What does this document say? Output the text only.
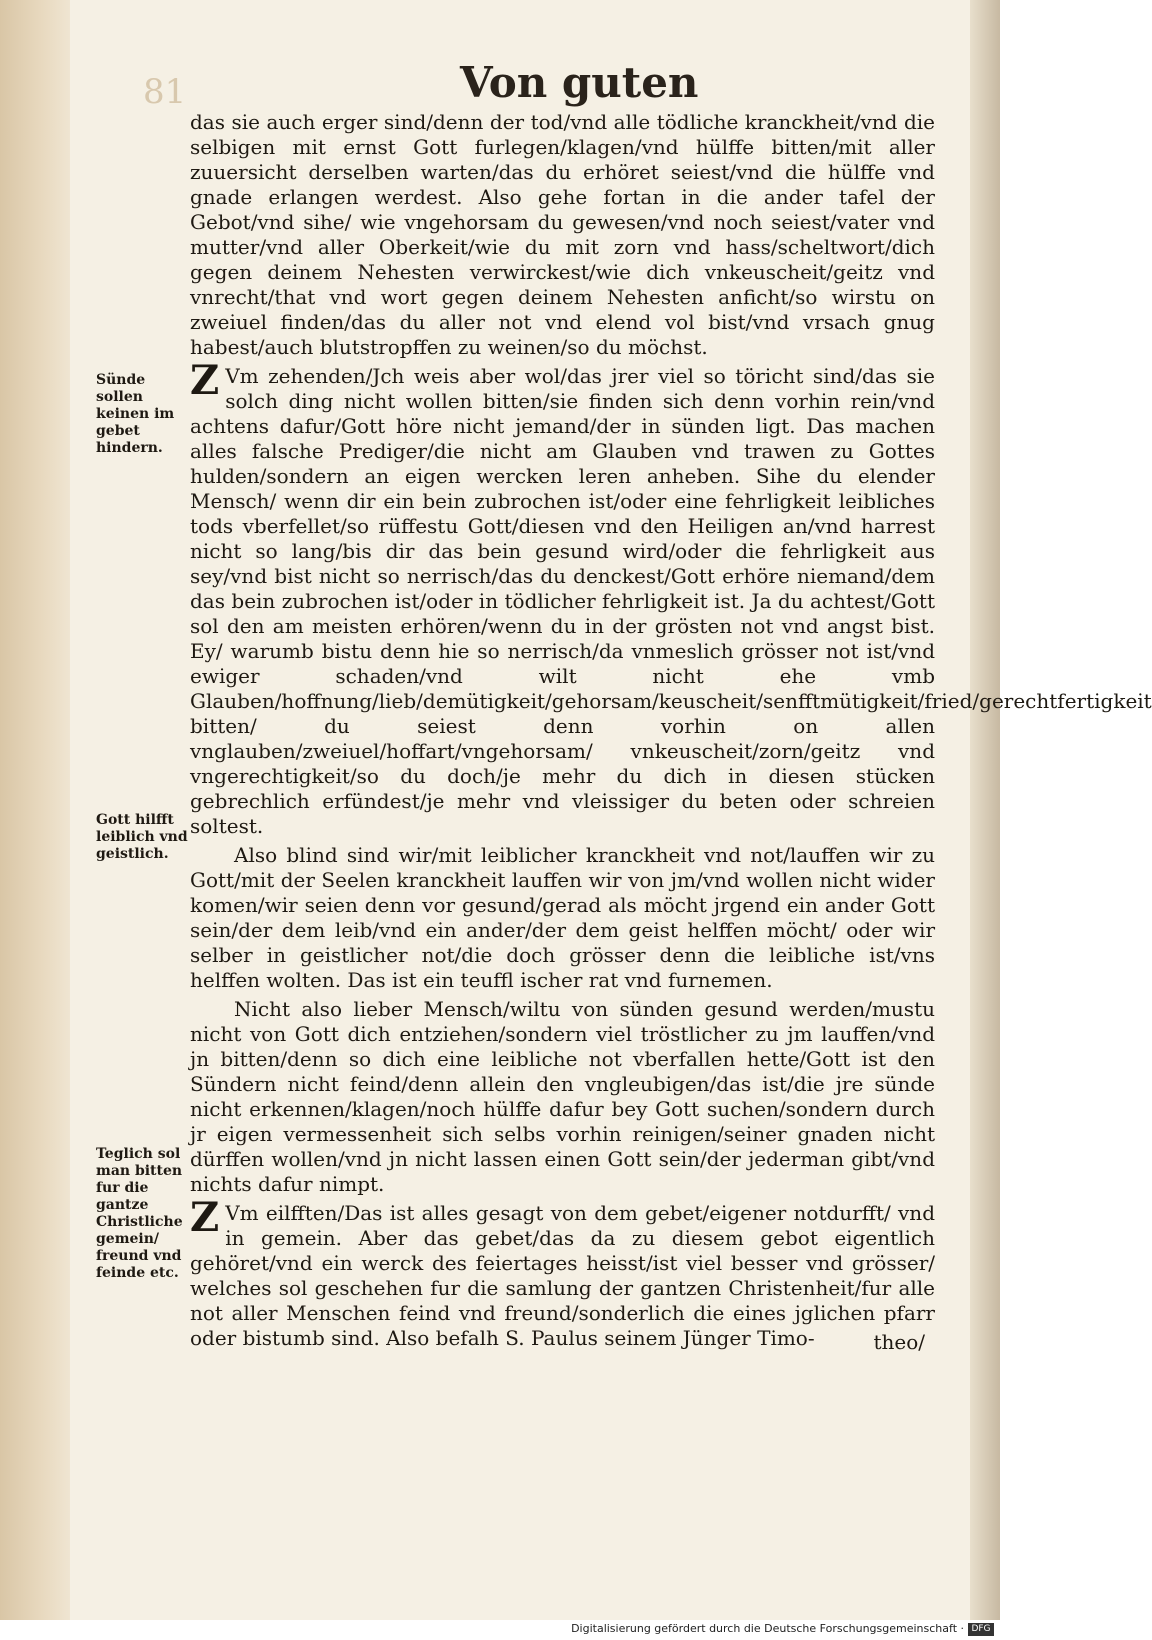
81	Von guten

das sie auch erger sind/denn der tod/vnd alle tödliche kranckheit/vnd die selbigen mit ernst Gott furlegen/klagen/vnd hülffe bitten/mit aller zuuersicht derselben warten/das du erhöret seiest/vnd die hülffe vnd gnade erlangen werdest. Also gehe fortan in die ander tafel der Gebot/vnd sihe/ wie vngehorsam du gewesen/vnd noch seiest/vater vnd mutter/vnd aller Oberkeit/wie du mit zorn vnd hass/scheltwort/dich gegen deinem Nehesten verwirckest/wie dich vnkeuscheit/geitz vnd vnrecht/that vnd wort gegen deinem Nehesten anficht/so wirstu on zweiuel finden/das du aller not vnd elend vol bist/vnd vrsach gnug habest/auch blutstropffen zu weinen/so du möchst.

Z Vm zehenden/Jch weis aber wol/das jrer viel so töricht sind/das sie solch ding nicht wollen bitten/sie finden sich denn vorhin rein/vnd achtens dafur/Gott höre nicht jemand/der in sünden ligt. Das machen alles falsche Prediger/die nicht am Glauben vnd trawen zu Gottes hulden/sondern an eigen wercken leren anheben. Sihe du elender Mensch/ wenn dir ein bein zubrochen ist/oder eine fehrligkeit leibliches tods vberfellet/so rüffestu Gott/diesen vnd den Heiligen an/vnd harrest nicht so lang/bis dir das bein gesund wird/oder die fehrligkeit aus sey/vnd bist nicht so nerrisch/das du denckest/Gott erhöre niemand/dem das bein zubrochen ist/oder in tödlicher fehrligkeit ist. Ja du achtest/Gott sol den am meisten erhören/wenn du in der grösten not vnd angst bist. Ey/ warumb bistu denn hie so nerrisch/da vnmeslich grösser not ist/vnd ewiger schaden/vnd wilt nicht ehe vmb Glauben/hoffnung/lieb/demütigkeit/gehorsam/keuscheit/senfftmütigkeit/fried/gerechtfertigkeit bitten/ du seiest denn vorhin on allen vnglauben/zweiuel/hoffart/vngehorsam/ vnkeuscheit/zorn/geitz vnd vngerechtigkeit/so du doch/je mehr du dich in diesen stücken gebrechlich erfündest/je mehr vnd vleissiger du beten oder schreien soltest.

Also blind sind wir/mit leiblicher kranckheit vnd not/lauffen wir zu Gott/mit der Seelen kranckheit lauffen wir von jm/vnd wollen nicht wider komen/wir seien denn vor gesund/gerad als möcht jrgend ein ander Gott sein/der dem leib/vnd ein ander/der dem geist helffen möcht/ oder wir selber in geistlicher not/die doch grösser denn die leibliche ist/vns helffen wolten. Das ist ein teuffl ischer rat vnd furnemen.

Nicht also lieber Mensch/wiltu von sünden gesund werden/mustu nicht von Gott dich entziehen/sondern viel tröstlicher zu jm lauffen/vnd jn bitten/denn so dich eine leibliche not vberfallen hette/Gott ist den Sündern nicht feind/denn allein den vngleubigen/das ist/die jre sünde nicht erkennen/klagen/noch hülffe dafur bey Gott suchen/sondern durch jr eigen vermessenheit sich selbs vorhin reinigen/seiner gnaden nicht dürffen wollen/vnd jn nicht lassen einen Gott sein/der jederman gibt/vnd nichts dafur nimpt.

Z Vm eilfften/Das ist alles gesagt von dem gebet/eigener notdurfft/ vnd in gemein. Aber das gebet/das da zu diesem gebot eigentlich gehöret/vnd ein werck des feiertages heisst/ist viel besser vnd grösser/ welches sol geschehen fur die samlung der gantzen Christenheit/fur alle not aller Menschen feind vnd freund/sonderlich die eines jglichen pfarr oder bistumb sind. Also befalh S. Paulus seinem Jünger Timo-

Sünde sollen keinen im gebet hindern.
Gott hilfft leiblich vnd geistlich.
Teglich sol man bitten fur die gantze Christliche gemein/ freund vnd feinde etc.
theo/
Digitalisierung gefördert durch die Deutsche Forschungsgemeinschaft · DFG
